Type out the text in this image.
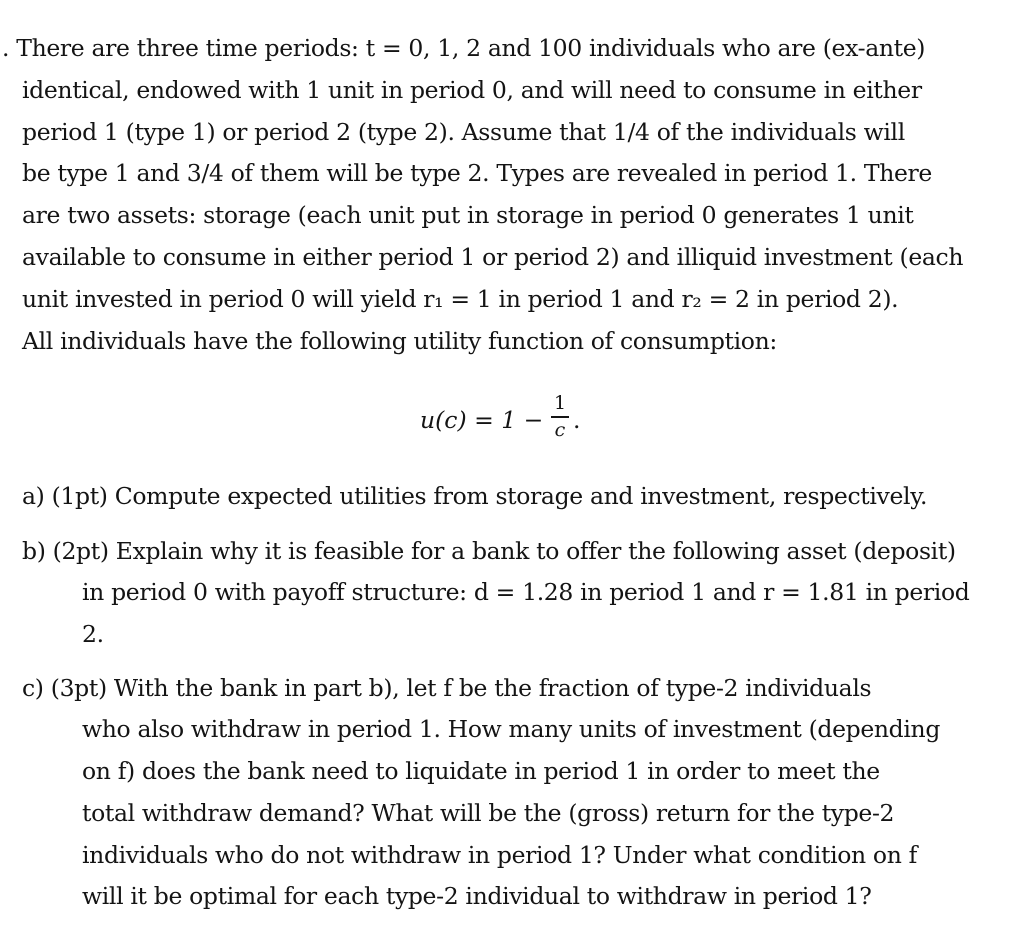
. There are three time periods: t = 0, 1, 2 and 100 individuals who are (ex-ante)
identical, endowed with 1 unit in period 0, and will need to consume in either
period 1 (type 1) or period 2 (type 2). Assume that 1/4 of the individuals will
be type 1 and 3/4 of them will be type 2. Types are revealed in period 1. There
are two assets: storage (each unit put in storage in period 0 generates 1 unit
available to consume in either period 1 or period 2) and illiquid investment (each
unit invested in period 0 will yield r₁ = 1 in period 1 and r₂ = 2 in period 2).
All individuals have the following utility function of consumption:
u(c) = 1 −
1
c .
a) (1pt) Compute expected utilities from storage and investment, respectively.
b) (2pt) Explain why it is feasible for a bank to offer the following asset (deposit)
in period 0 with payoff structure: d = 1.28 in period 1 and r = 1.81 in period
2.
c) (3pt) With the bank in part b), let f be the fraction of type-2 individuals
who also withdraw in period 1. How many units of investment (depending
on f) does the bank need to liquidate in period 1 in order to meet the
total withdraw demand? What will be the (gross) return for the type-2
individuals who do not withdraw in period 1? Under what condition on f
will it be optimal for each type-2 individual to withdraw in period 1?
